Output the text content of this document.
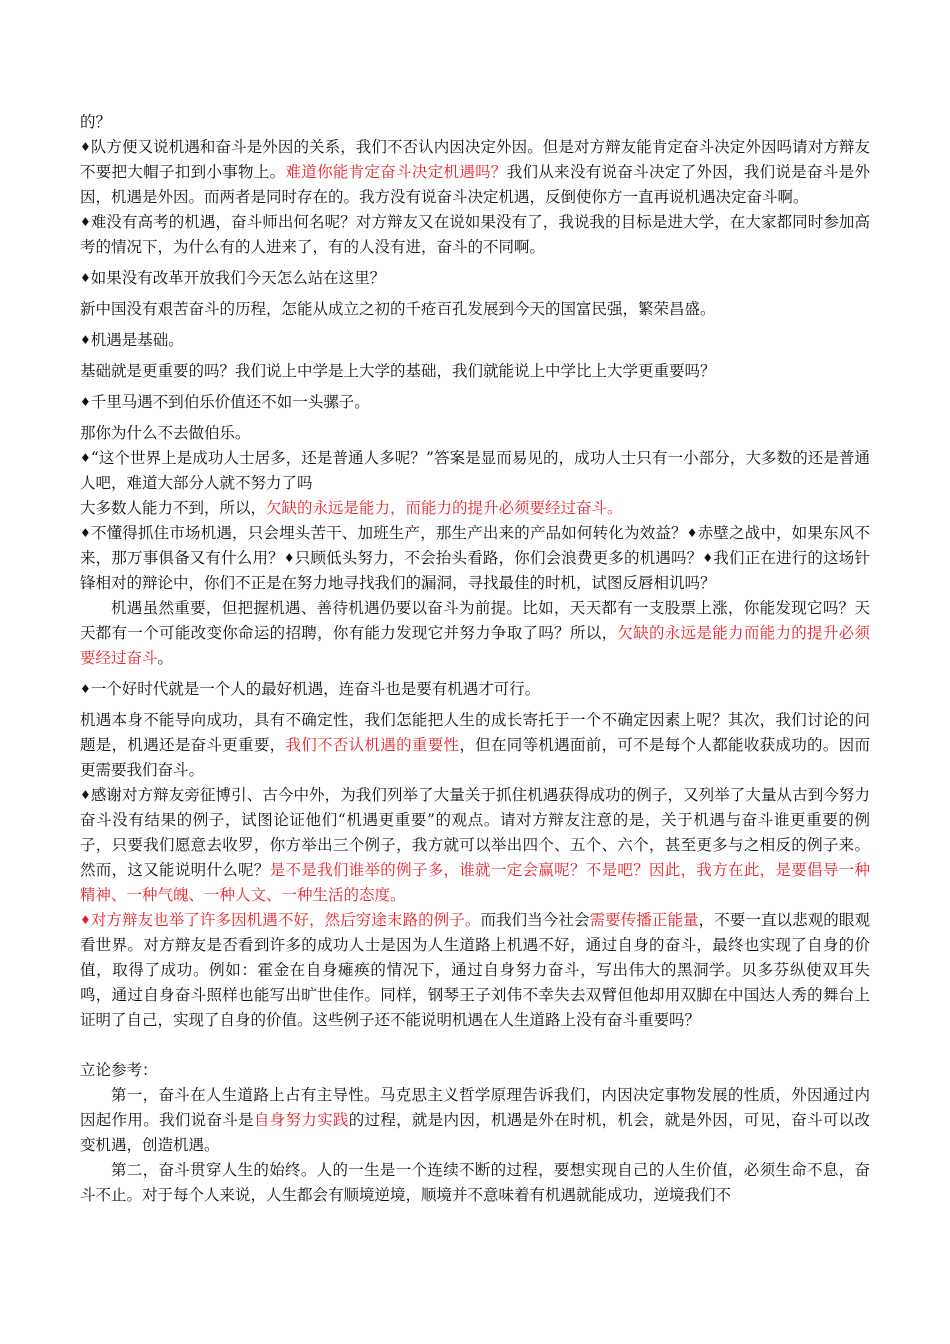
的？

♦队方便又说机遇和奋斗是外因的关系，我们不否认内因决定外因。但是对方辩友能肯定奋斗决定外因吗请对方辩友不要把大帽子扣到小事物上。难道你能肯定奋斗决定机遇吗？我们从来没有说奋斗决定了外因，我们说是奋斗是外因，机遇是外因。而两者是同时存在的。我方没有说奋斗决定机遇，反倒使你方一直再说机遇决定奋斗啊。

♦难没有高考的机遇，奋斗师出何名呢？对方辩友又在说如果没有了，我说我的目标是进大学，在大家都同时参加高考的情况下，为什么有的人进来了，有的人没有进，奋斗的不同啊。

♦如果没有改革开放我们今天怎么站在这里？

新中国没有艰苦奋斗的历程，怎能从成立之初的千疮百孔发展到今天的国富民强，繁荣昌盛。

♦机遇是基础。

基础就是更重要的吗？我们说上中学是上大学的基础，我们就能说上中学比上大学更重要吗？

♦千里马遇不到伯乐价值还不如一头骡子。

那你为什么不去做伯乐。

♦“这个世界上是成功人士居多，还是普通人多呢？”答案是显而易见的，成功人士只有一小部分，大多数的还是普通人吧，难道大部分人就不努力了吗

大多数人能力不到，所以，欠缺的永远是能力，而能力的提升必须要经过奋斗。

♦不懂得抓住市场机遇，只会埋头苦干、加班生产，那生产出来的产品如何转化为效益？♦赤壁之战中，如果东风不来，那万事俱备又有什么用？♦只顾低头努力，不会抬头看路，你们会浪费更多的机遇吗？♦我们正在进行的这场针锋相对的辩论中，你们不正是在努力地寻找我们的漏洞，寻找最佳的时机，试图反唇相讥吗？

机遇虽然重要，但把握机遇、善待机遇仍要以奋斗为前提。比如，天天都有一支股票上涨，你能发现它吗？天天都有一个可能改变你命运的招聘，你有能力发现它并努力争取了吗？所以，欠缺的永远是能力而能力的提升必须要经过奋斗。

♦一个好时代就是一个人的最好机遇，连奋斗也是要有机遇才可行。

机遇本身不能导向成功，具有不确定性，我们怎能把人生的成长寄托于一个不确定因素上呢？其次，我们讨论的问题是，机遇还是奋斗更重要，我们不否认机遇的重要性，但在同等机遇面前，可不是每个人都能收获成功的。因而更需要我们奋斗。

♦感谢对方辩友旁征博引、古今中外，为我们列举了大量关于抓住机遇获得成功的例子，又列举了大量从古到今努力奋斗没有结果的例子，试图论证他们“机遇更重要”的观点。请对方辩友注意的是，关于机遇与奋斗谁更重要的例子，只要我们愿意去收罗，你方举出三个例子，我方就可以举出四个、五个、六个，甚至更多与之相反的例子来。然而，这又能说明什么呢？是不是我们谁举的例子多，谁就一定会赢呢？不是吧？因此，我方在此，是要倡导一种精神、一种气魄、一种人文、一种生活的态度。

♦对方辩友也举了许多因机遇不好，然后穷途末路的例子。而我们当今社会需要传播正能量，不要一直以悲观的眼观看世界。对方辩友是否看到许多的成功人士是因为人生道路上机遇不好，通过自身的奋斗，最终也实现了自身的价值，取得了成功。例如：霍金在自身瘫痪的情况下，通过自身努力奋斗，写出伟大的黑洞学。贝多芬纵使双耳失鸣，通过自身奋斗照样也能写出旷世佳作。同样，钢琴王子刘伟不幸失去双臂但他却用双脚在中国达人秀的舞台上证明了自己，实现了自身的价值。这些例子还不能说明机遇在人生道路上没有奋斗重要吗？

立论参考：

第一，奋斗在人生道路上占有主导性。马克思主义哲学原理告诉我们，内因决定事物发展的性质，外因通过内因起作用。我们说奋斗是自身努力实践的过程，就是内因，机遇是外在时机，机会，就是外因，可见，奋斗可以改变机遇，创造机遇。

第二，奋斗贯穿人生的始终。人的一生是一个连续不断的过程，要想实现自己的人生价值，必须生命不息，奋斗不止。对于每个人来说，人生都会有顺境逆境，顺境并不意味着有机遇就能成功，逆境我们不
